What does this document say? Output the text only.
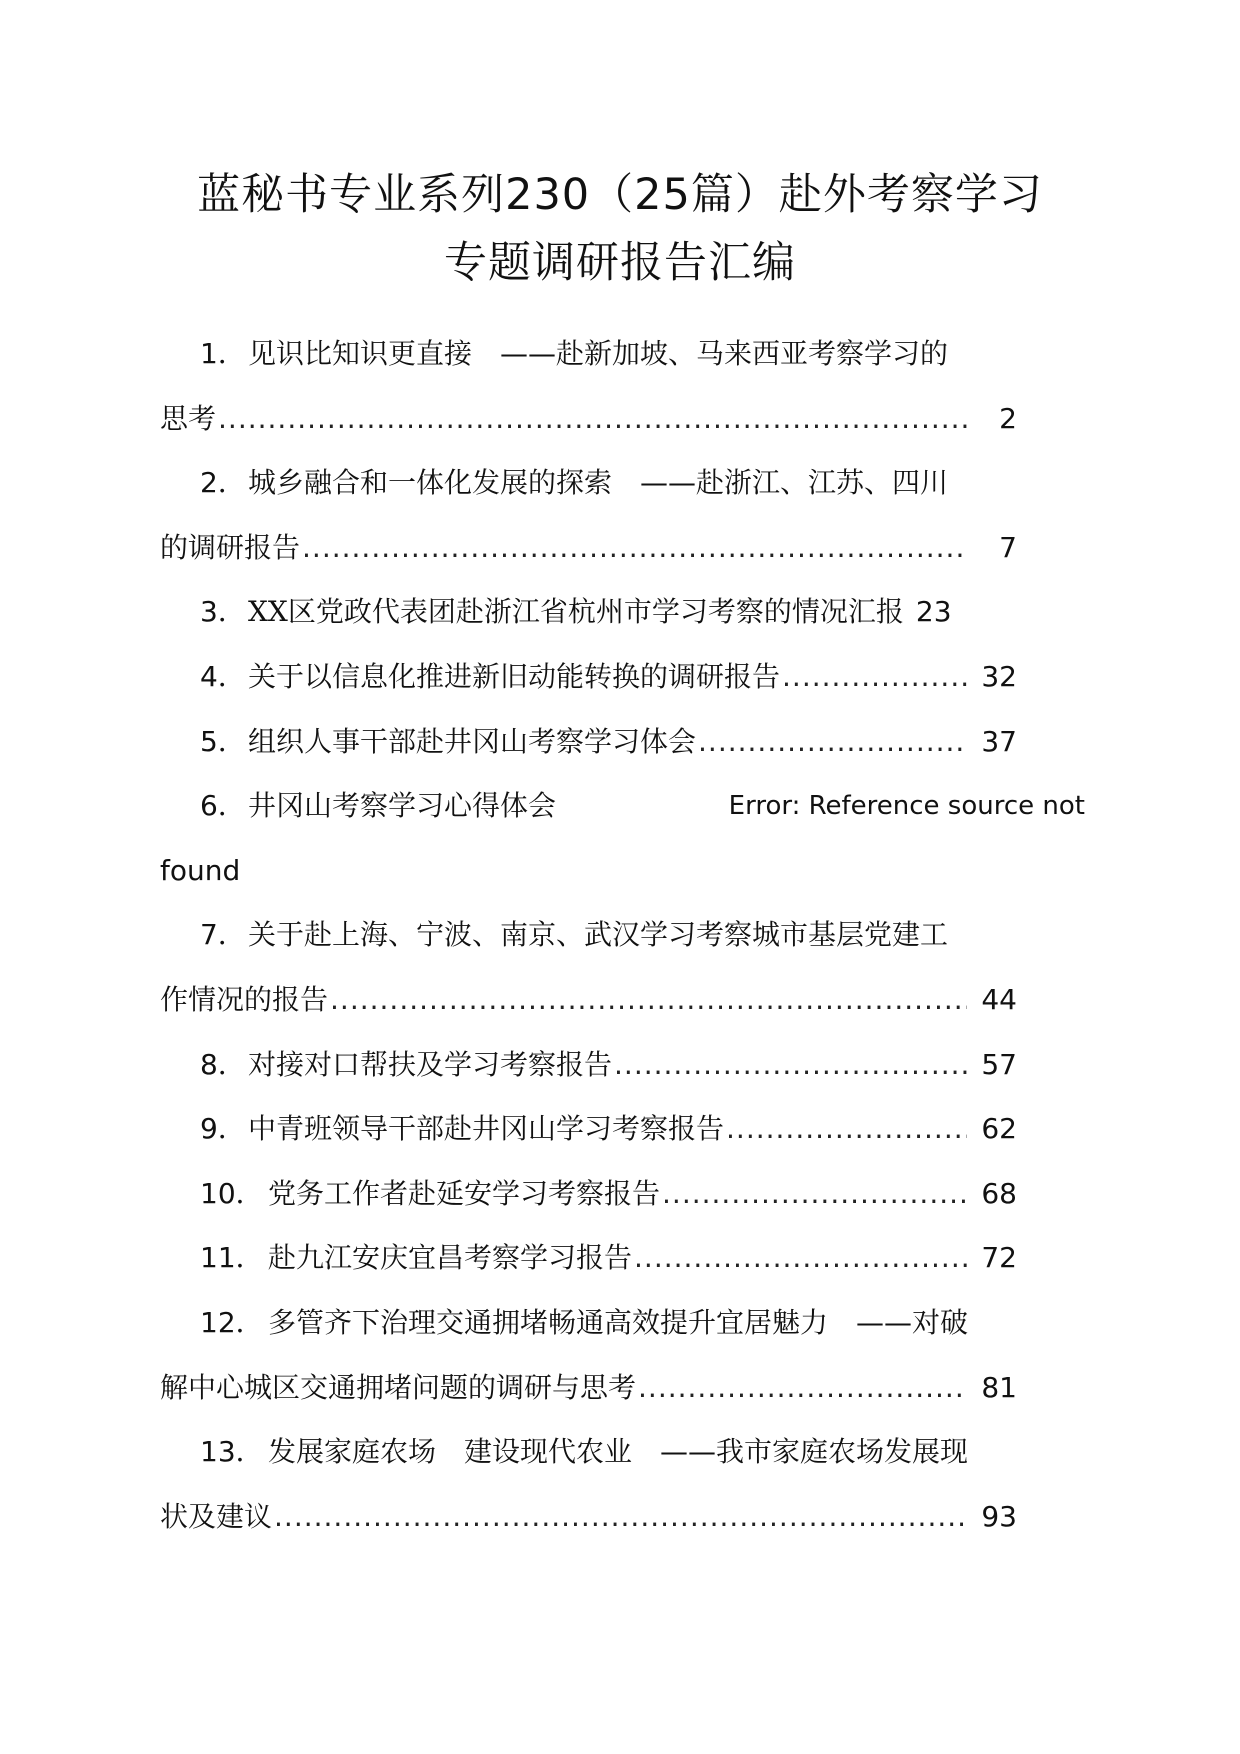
蓝秘书专业系列230（25篇）赴外考察学习
专题调研报告汇编
1．见识比知识更直接　——赴新加坡、马来西亚考察学习的
思考 .....	2
2．城乡融合和一体化发展的探索　——赴浙江、江苏、四川
的调研报告 .....	7
3． XX区党政代表团赴浙江省杭州市学习考察的情况汇报 23
4． 关于以信息化推进新旧动能转换的调研报告 .....	32
5． 组织人事干部赴井冈山考察学习体会 .....	37
6．井冈山考察学习心得体会	Error: Reference source not
found
7．关于赴上海、宁波、南京、武汉学习考察城市基层党建工
作情况的报告 .....	44
8． 对接对口帮扶及学习考察报告 .....	57
9． 中青班领导干部赴井冈山学习考察报告 .....	62
10． 党务工作者赴延安学习考察报告 .....	68
11． 赴九江安庆宜昌考察学习报告 .....	72
12． 多管齐下治理交通拥堵畅通高效提升宜居魅力　——对破
解中心城区交通拥堵问题的调研与思考 .....	81
13． 发展家庭农场　建设现代农业　——我市家庭农场发展现
状及建议 .....	93
